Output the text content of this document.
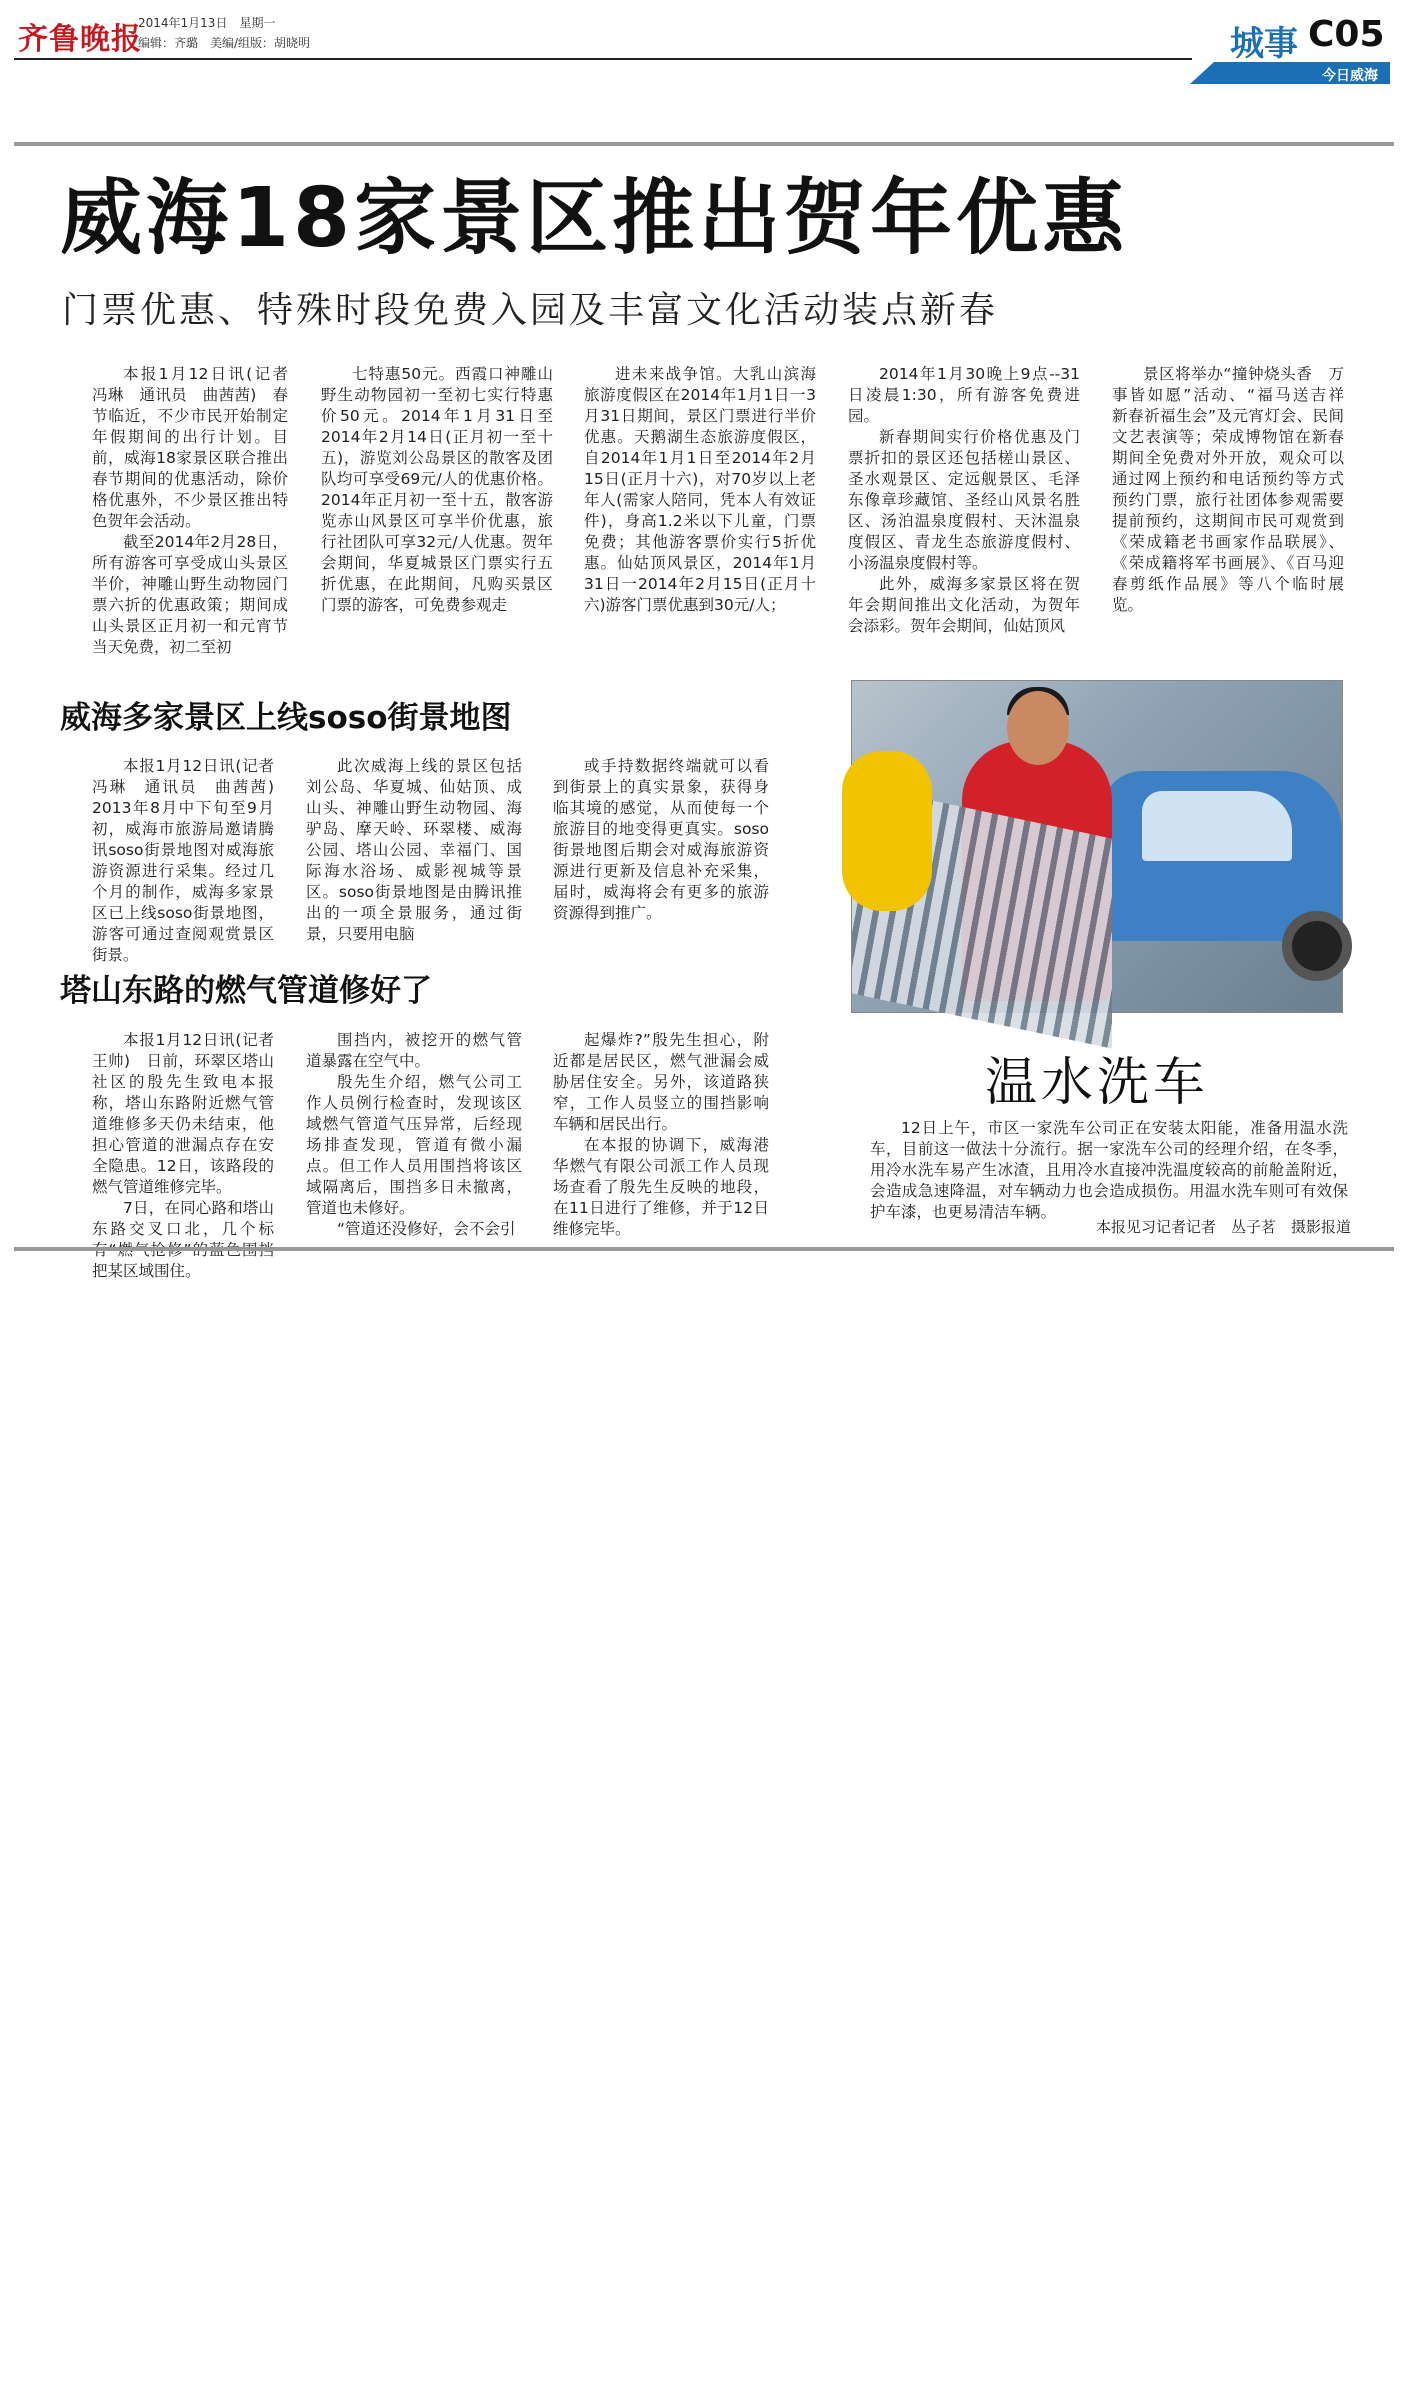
齐鲁晚报
2014年1月13日　星期一
编辑：齐璐　美编/组版：胡晓明	城事 C05
今日威海
威海18家景区推出贺年优惠
门票优惠、特殊时段免费入园及丰富文化活动装点新春

本报1月12日讯(记者　冯琳　通讯员　曲茜茜)　春节临近，不少市民开始制定年假期间的出行计划。目前，威海18家景区联合推出春节期间的优惠活动，除价格优惠外，不少景区推出特色贺年会活动。
截至2014年2月28日，所有游客可享受成山头景区半价，神雕山野生动物园门票六折的优惠政策；期间成山头景区正月初一和元宵节当天免费，初二至初

七特惠50元。西霞口神雕山野生动物园初一至初七实行特惠价50元。2014年1月31日至2014年2月14日(正月初一至十五)，游览刘公岛景区的散客及团队均可享受69元/人的优惠价格。2014年正月初一至十五，散客游览赤山风景区可享半价优惠，旅行社团队可享32元/人优惠。贺年会期间，华夏城景区门票实行五折优惠，在此期间，凡购买景区门票的游客，可免费参观走

进未来战争馆。大乳山滨海旅游度假区在2014年1月1日一3月31日期间，景区门票进行半价优惠。天鹅湖生态旅游度假区，自2014年1月1日至2014年2月15日(正月十六)，对70岁以上老年人(需家人陪同，凭本人有效证件)，身高1.2米以下儿童，门票免费；其他游客票价实行5折优惠。仙姑顶风景区，2014年1月31日一2014年2月15日(正月十六)游客门票优惠到30元/人；

2014年1月30晚上9点--31日凌晨1:30，所有游客免费进园。
新春期间实行价格优惠及门票折扣的景区还包括槎山景区、圣水观景区、定远舰景区、毛泽东像章珍藏馆、圣经山风景名胜区、汤泊温泉度假村、天沐温泉度假区、青龙生态旅游度假村、小汤温泉度假村等。
此外，威海多家景区将在贺年会期间推出文化活动，为贺年会添彩。贺年会期间，仙姑顶风

景区将举办“撞钟烧头香　万事皆如愿”活动、“福马送吉祥　新春祈福生会”及元宵灯会、民间文艺表演等；荣成博物馆在新春期间全免费对外开放，观众可以通过网上预约和电话预约等方式预约门票，旅行社团体参观需要提前预约，这期间市民可观赏到《荣成籍老书画家作品联展》、《荣成籍将军书画展》、《百马迎春剪纸作品展》等八个临时展览。

威海多家景区上线soso街景地图

本报1月12日讯(记者　冯琳　通讯员　曲茜茜)　2013年8月中下旬至9月初，威海市旅游局邀请腾讯soso街景地图对威海旅游资源进行采集。经过几个月的制作，威海多家景区已上线soso街景地图，游客可通过查阅观赏景区街景。

此次威海上线的景区包括刘公岛、华夏城、仙姑顶、成山头、神雕山野生动物园、海驴岛、摩天岭、环翠楼、威海公园、塔山公园、幸福门、国际海水浴场、威影视城等景区。soso街景地图是由腾讯推出的一项全景服务，通过街景，只要用电脑

或手持数据终端就可以看到街景上的真实景象，获得身临其境的感觉，从而使每一个旅游目的地变得更真实。soso街景地图后期会对威海旅游资源进行更新及信息补充采集，届时，威海将会有更多的旅游资源得到推广。

塔山东路的燃气管道修好了

本报1月12日讯(记者　王帅)　日前，环翠区塔山社区的殷先生致电本报称，塔山东路附近燃气管道维修多天仍未结束，他担心管道的泄漏点存在安全隐患。12日，该路段的燃气管道维修完毕。
7日，在同心路和塔山东路交叉口北，几个标 把某区域围住。

围挡内，被挖开的燃气管道暴露在空气中。
殷先生介绍，燃气公司工作人员例行检查时，发现该区域燃气管道气压异常，后经现场排查发现，管道有微小漏点。但工作人员用围挡将该区域隔离后，围挡多日未撤离，管道也未修好。
“管道还没修好，会不会引

起爆炸?”殷先生担心，附近都是居民区，燃气泄漏会威胁居住安全。另外，该道路狭窄，工作人员竖立的围挡影响车辆和居民出行。
在本报的协调下，威海港华燃气有限公司派工作人员现场查看了殷先生反映的地段，在11日进行了维修，并于12日维修完毕。

温水洗车
12日上午，市区一家洗车公司正在安装太阳能，准备用温水洗车，目前这一做法十分流行。据一家洗车公司的经理介绍，在冬季，用冷水洗车易产生冰渣，且用冷水直接冲洗温度较高的前舱盖附近，会造成急速降温，对车辆动力也会造成损伤。用温水洗车则可有效保护车漆，也更易清洁车辆。
本报见习记者记者　丛子茗　摄影报道
